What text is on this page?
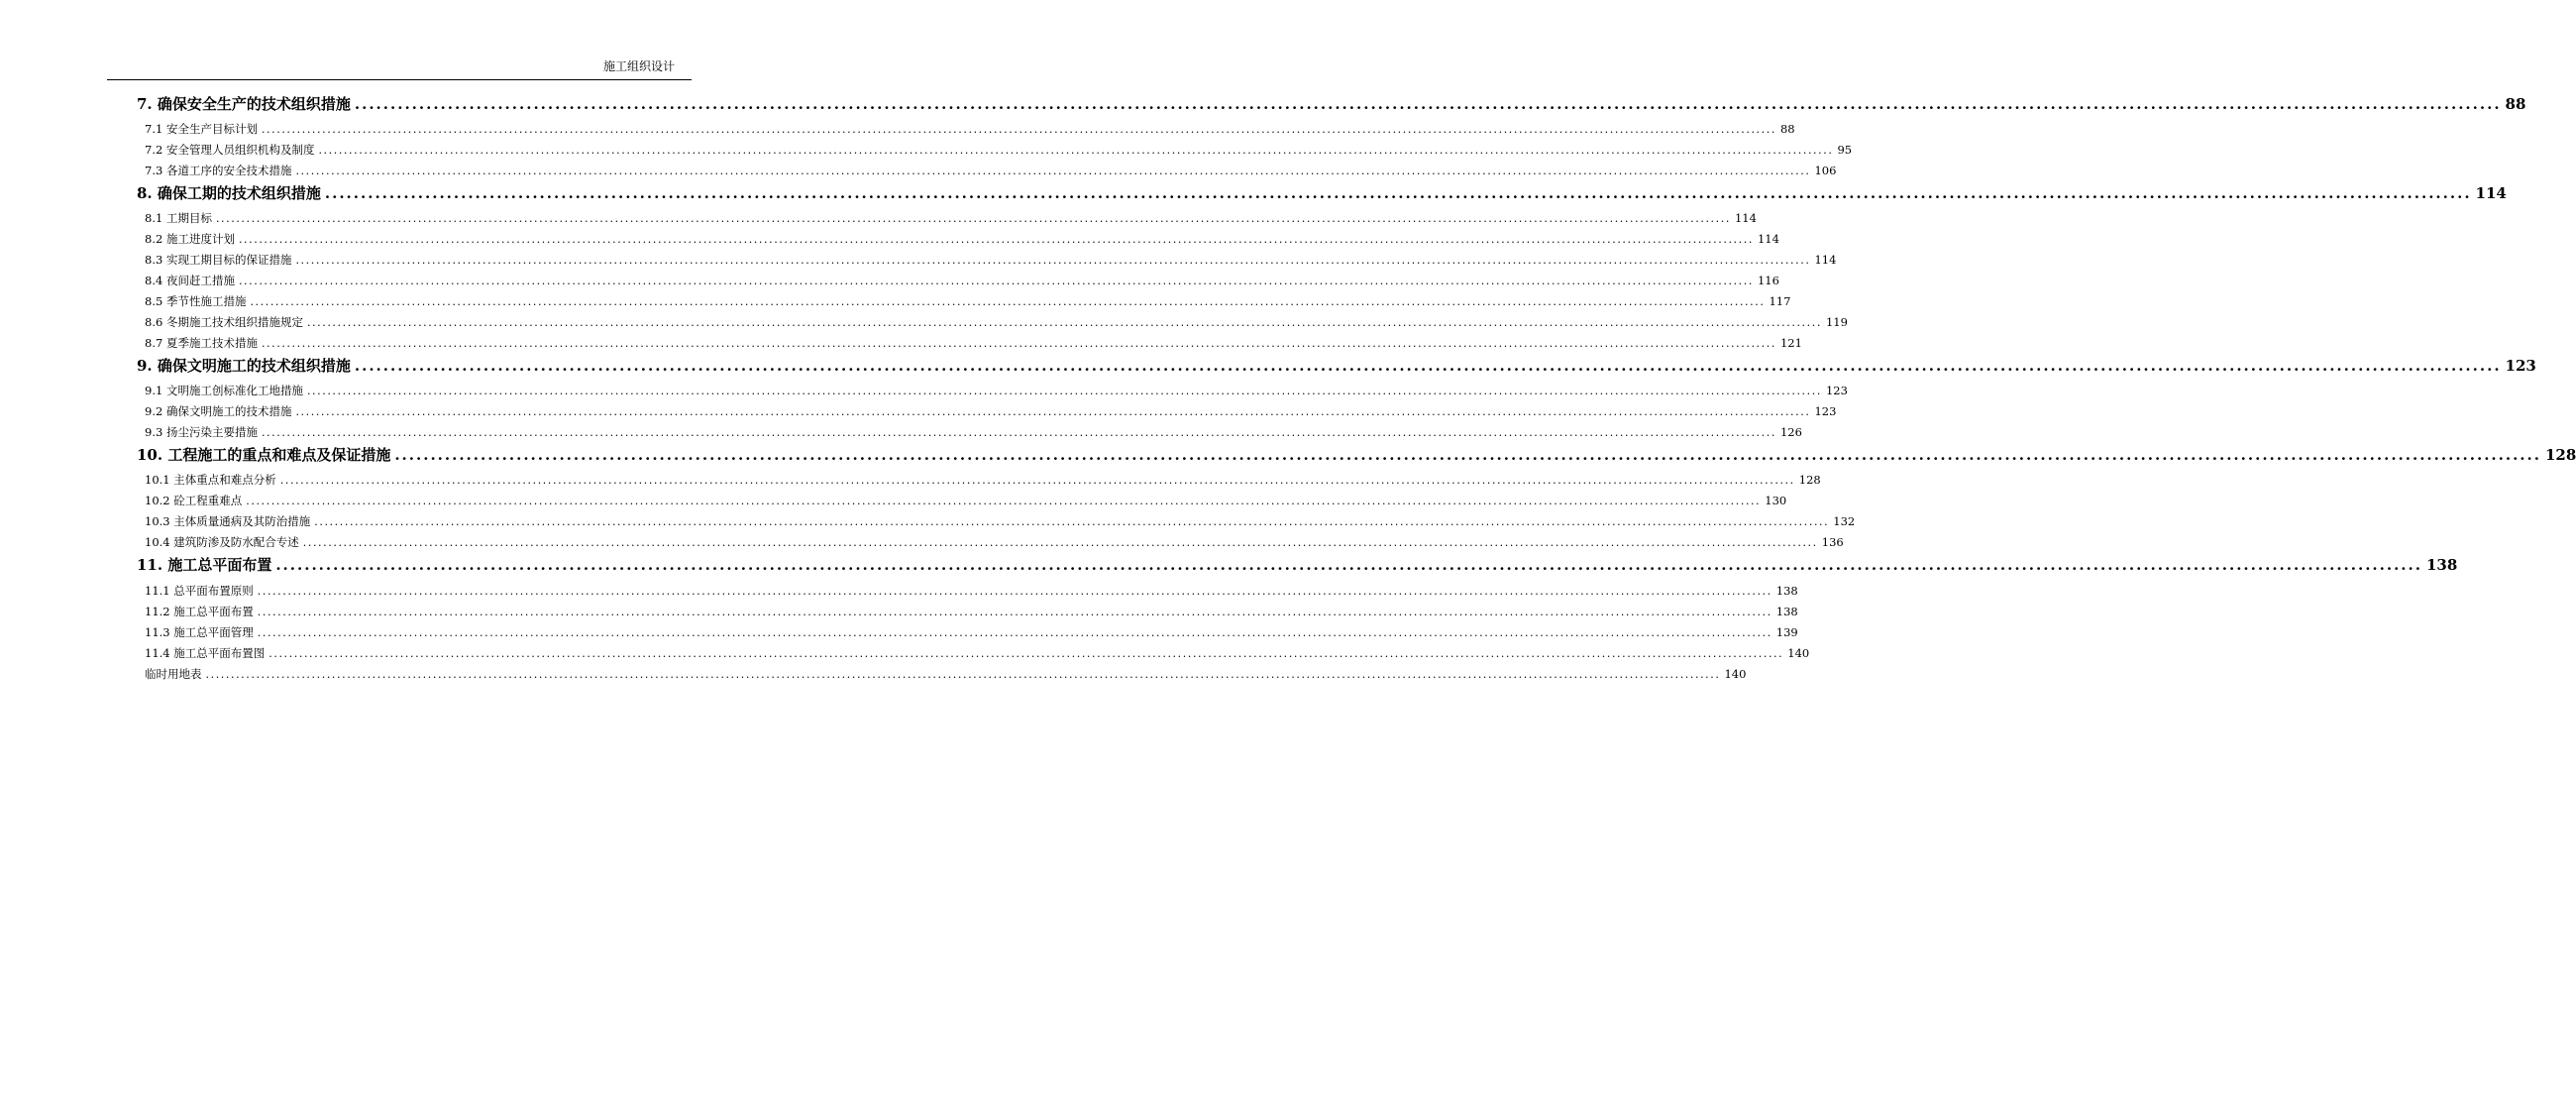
施工组织设计
7. 确保安全生产的技术组织措施 ............................................................................................................................................................................................................................................................................................................ 88
7.1 安全生产目标计划 ............................................................................................................................................................................................................................................................................................................ 88
7.2 安全管理人员组织机构及制度 ............................................................................................................................................................................................................................................................................................................ 95
7.3 各道工序的安全技术措施 ............................................................................................................................................................................................................................................................................................................ 106
8. 确保工期的技术组织措施 ............................................................................................................................................................................................................................................................................................................ 114
8.1 工期目标 ............................................................................................................................................................................................................................................................................................................ 114
8.2 施工进度计划 ............................................................................................................................................................................................................................................................................................................ 114
8.3 实现工期目标的保证措施 ............................................................................................................................................................................................................................................................................................................ 114
8.4 夜间赶工措施 ............................................................................................................................................................................................................................................................................................................ 116
8.5 季节性施工措施 ............................................................................................................................................................................................................................................................................................................ 117
8.6 冬期施工技术组织措施规定 ............................................................................................................................................................................................................................................................................................................ 119
8.7 夏季施工技术措施 ............................................................................................................................................................................................................................................................................................................ 121
9. 确保文明施工的技术组织措施 ............................................................................................................................................................................................................................................................................................................ 123
9.1 文明施工创标准化工地措施 ............................................................................................................................................................................................................................................................................................................ 123
9.2 确保文明施工的技术措施 ............................................................................................................................................................................................................................................................................................................ 123
9.3 扬尘污染主要措施 ............................................................................................................................................................................................................................................................................................................ 126
10. 工程施工的重点和难点及保证措施 ............................................................................................................................................................................................................................................................................................................ 128
10.1 主体重点和难点分析 ............................................................................................................................................................................................................................................................................................................ 128
10.2 砼工程重难点 ............................................................................................................................................................................................................................................................................................................ 130
10.3 主体质量通病及其防治措施 ............................................................................................................................................................................................................................................................................................................ 132
10.4 建筑防渗及防水配合专述 ............................................................................................................................................................................................................................................................................................................ 136
11. 施工总平面布置 ............................................................................................................................................................................................................................................................................................................ 138
11.1 总平面布置原则 ............................................................................................................................................................................................................................................................................................................ 138
11.2 施工总平面布置 ............................................................................................................................................................................................................................................................................................................ 138
11.3 施工总平面管理 ............................................................................................................................................................................................................................................................................................................ 139
11.4 施工总平面布置图 ............................................................................................................................................................................................................................................................................................................ 140
临时用地表 ............................................................................................................................................................................................................................................................................................................ 140
